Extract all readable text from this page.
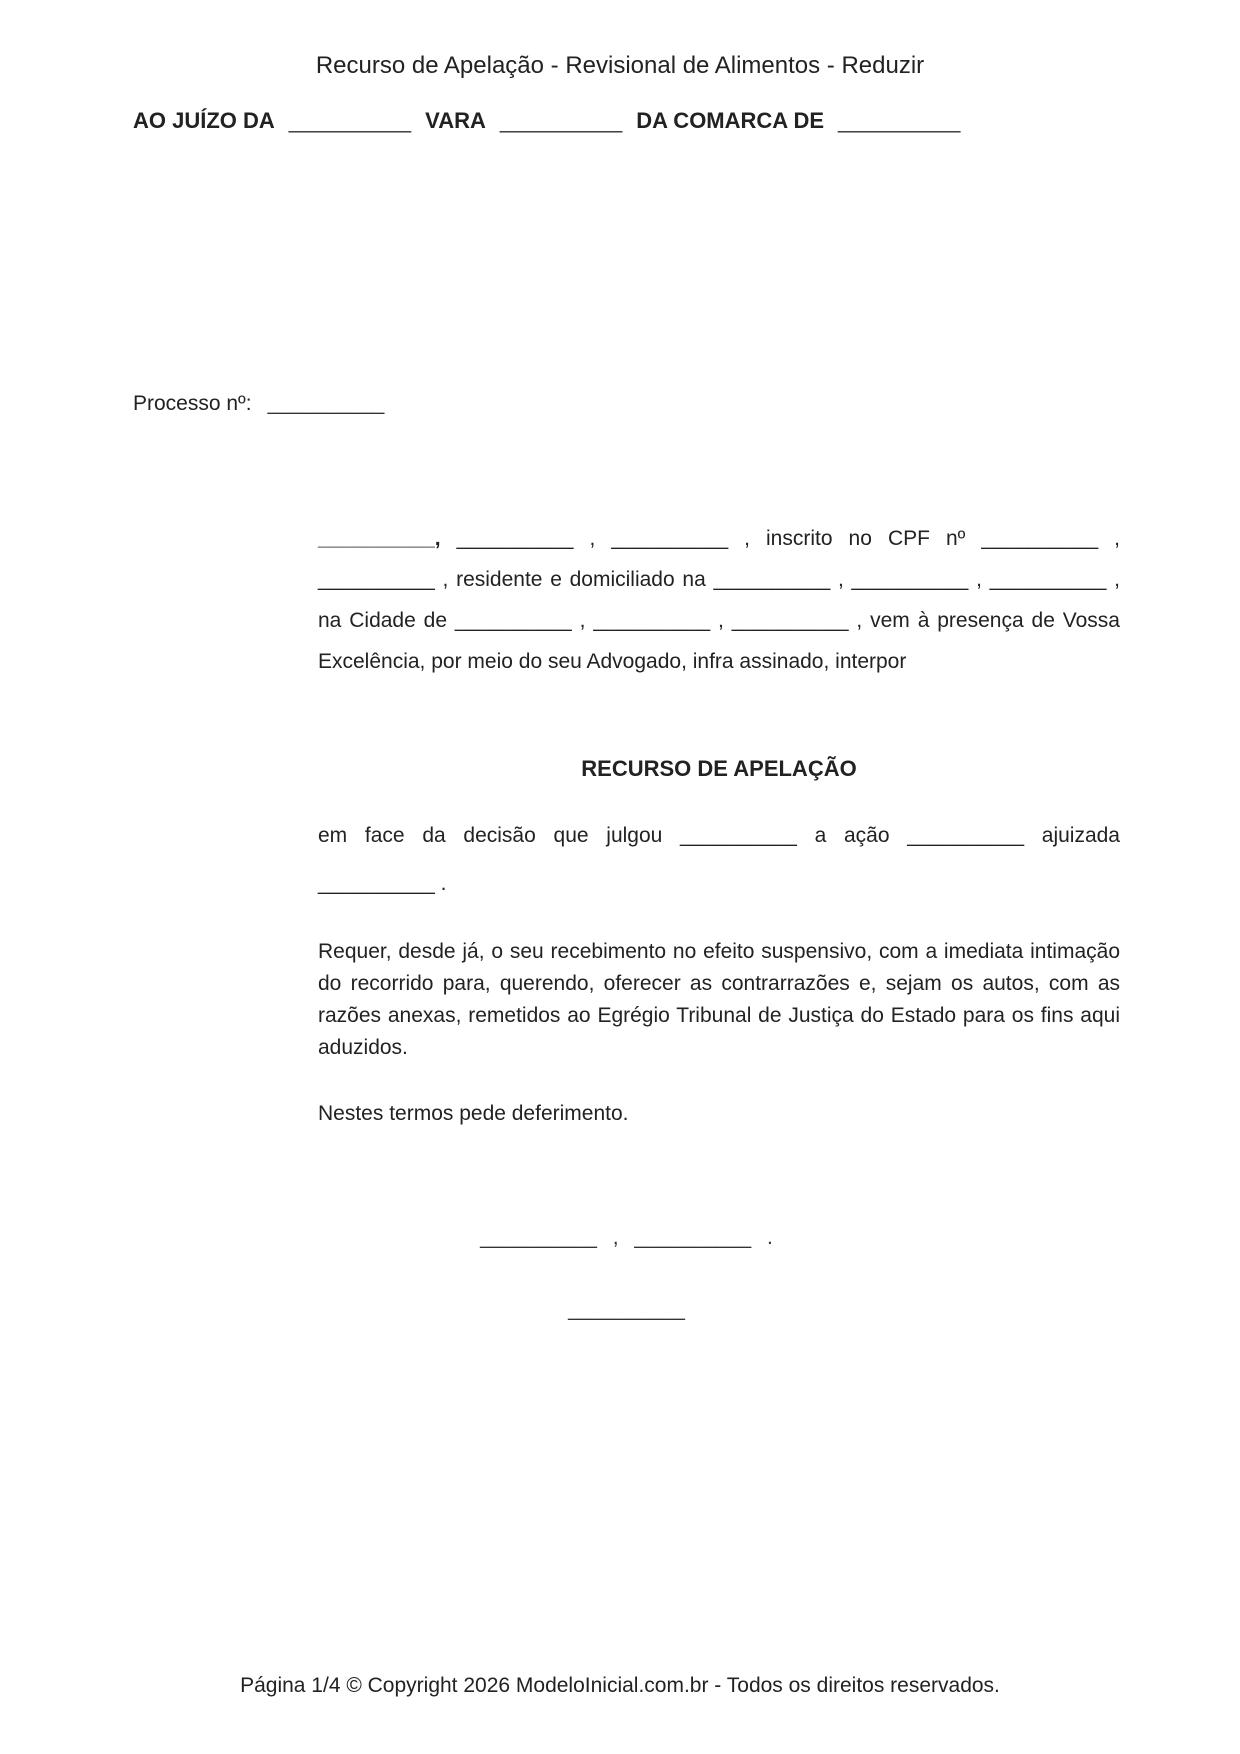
Recurso de Apelação - Revisional de Alimentos - Reduzir
AO JUÍZO DA __________ VARA __________ DA COMARCA DE __________
Processo nº: __________

__________, __________ , __________ , inscrito no CPF nº __________ , __________ , residente e domiciliado na __________ , __________ , __________ , na Cidade de __________ , __________ , __________ , vem à presença de Vossa Excelência, por meio do seu Advogado, infra assinado, interpor

RECURSO DE APELAÇÃO

em face da decisão que julgou __________ a ação __________ ajuizada __________ .

Requer, desde já, o seu recebimento no efeito suspensivo, com a imediata intimação do recorrido para, querendo, oferecer as contrarrazões e, sejam os autos, com as razões anexas, remetidos ao Egrégio Tribunal de Justiça do Estado para os fins aqui aduzidos.

Nestes termos pede deferimento.
__________ , __________ .
__________
Página 1/4 © Copyright 2026 ModeloInicial.com.br - Todos os direitos reservados.
